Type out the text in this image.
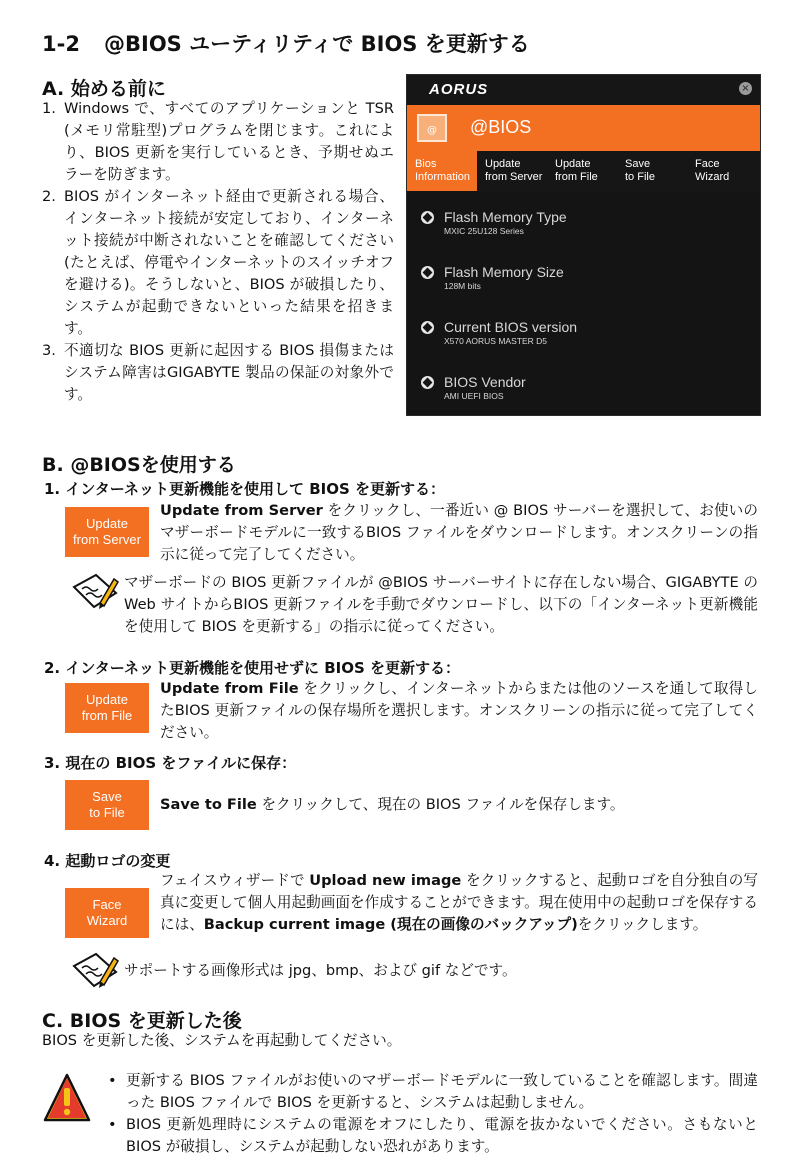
1-2 @BIOS ユーティリティで BIOS を更新する
A. 始める前に
1. Windows で、すべてのアプリケーションと TSR (メモリ常駐型)プログラムを閉じます。これにより、BIOS 更新を実行しているとき、予期せぬエラーを防ぎます。
2. BIOS がインターネット経由で更新される場合、インターネット接続が安定しており、インターネット接続が中断されないことを確認してください (たとえば、停電やインターネットのスイッチオフを避ける)。そうしないと、BIOS が破損したり、システムが起動できないといった結果を招きます。
3. 不適切な BIOS 更新に起因する BIOS 損傷またはシステム障害はGIGABYTE 製品の保証の対象外です。
AORUS	×
@	@BIOS
Bios
Information
Update
from Server
Update
from File
Save
to File
Face
Wizard
Flash Memory Type
MXIC 25U128 Series
Flash Memory Size
128M bits
Current BIOS version
X570 AORUS MASTER D5
BIOS Vendor
AMI UEFI BIOS
B. @BIOSを使用する
1. インターネット更新機能を使用して BIOS を更新する：
Update
from Server
Update from Server をクリックし、一番近い @ BIOS サーバーを選択して、お使いのマザーボードモデルに一致するBIOS ファイルをダウンロードします。オンスクリーンの指示に従って完了してください。
マザーボードの BIOS 更新ファイルが @BIOS サーバーサイトに存在しない場合、GIGABYTE の Web サイトからBIOS 更新ファイルを手動でダウンロードし、以下の「インターネット更新機能を使用して BIOS を更新する」の指示に従ってください。
2. インターネット更新機能を使用せずに BIOS を更新する：
Update
from File
Update from File をクリックし、インターネットからまたは他のソースを通して取得したBIOS 更新ファイルの保存場所を選択します。オンスクリーンの指示に従って完了してください。
3. 現在の BIOS をファイルに保存：
Save
to File	Save to File をクリックして、現在の BIOS ファイルを保存します。
4. 起動ロゴの変更
Face
Wizard
フェイスウィザードで Upload new image をクリックすると、起動ロゴを自分独自の写真に変更して個人用起動画面を作成することができます。現在使用中の起動ロゴを保存するには、Backup current image (現在の画像のバックアップ)をクリックします。
サポートする画像形式は jpg、bmp、および gif などです。
C. BIOS を更新した後
BIOS を更新した後、システムを再起動してください。
• 更新する BIOS ファイルがお使いのマザーボードモデルに一致していることを確認します。間違った BIOS ファイルで BIOS を更新すると、システムは起動しません。
• BIOS 更新処理時にシステムの電源をオフにしたり、電源を抜かないでください。さもないと BIOS が破損し、システムが起動しない恐れがあります。
